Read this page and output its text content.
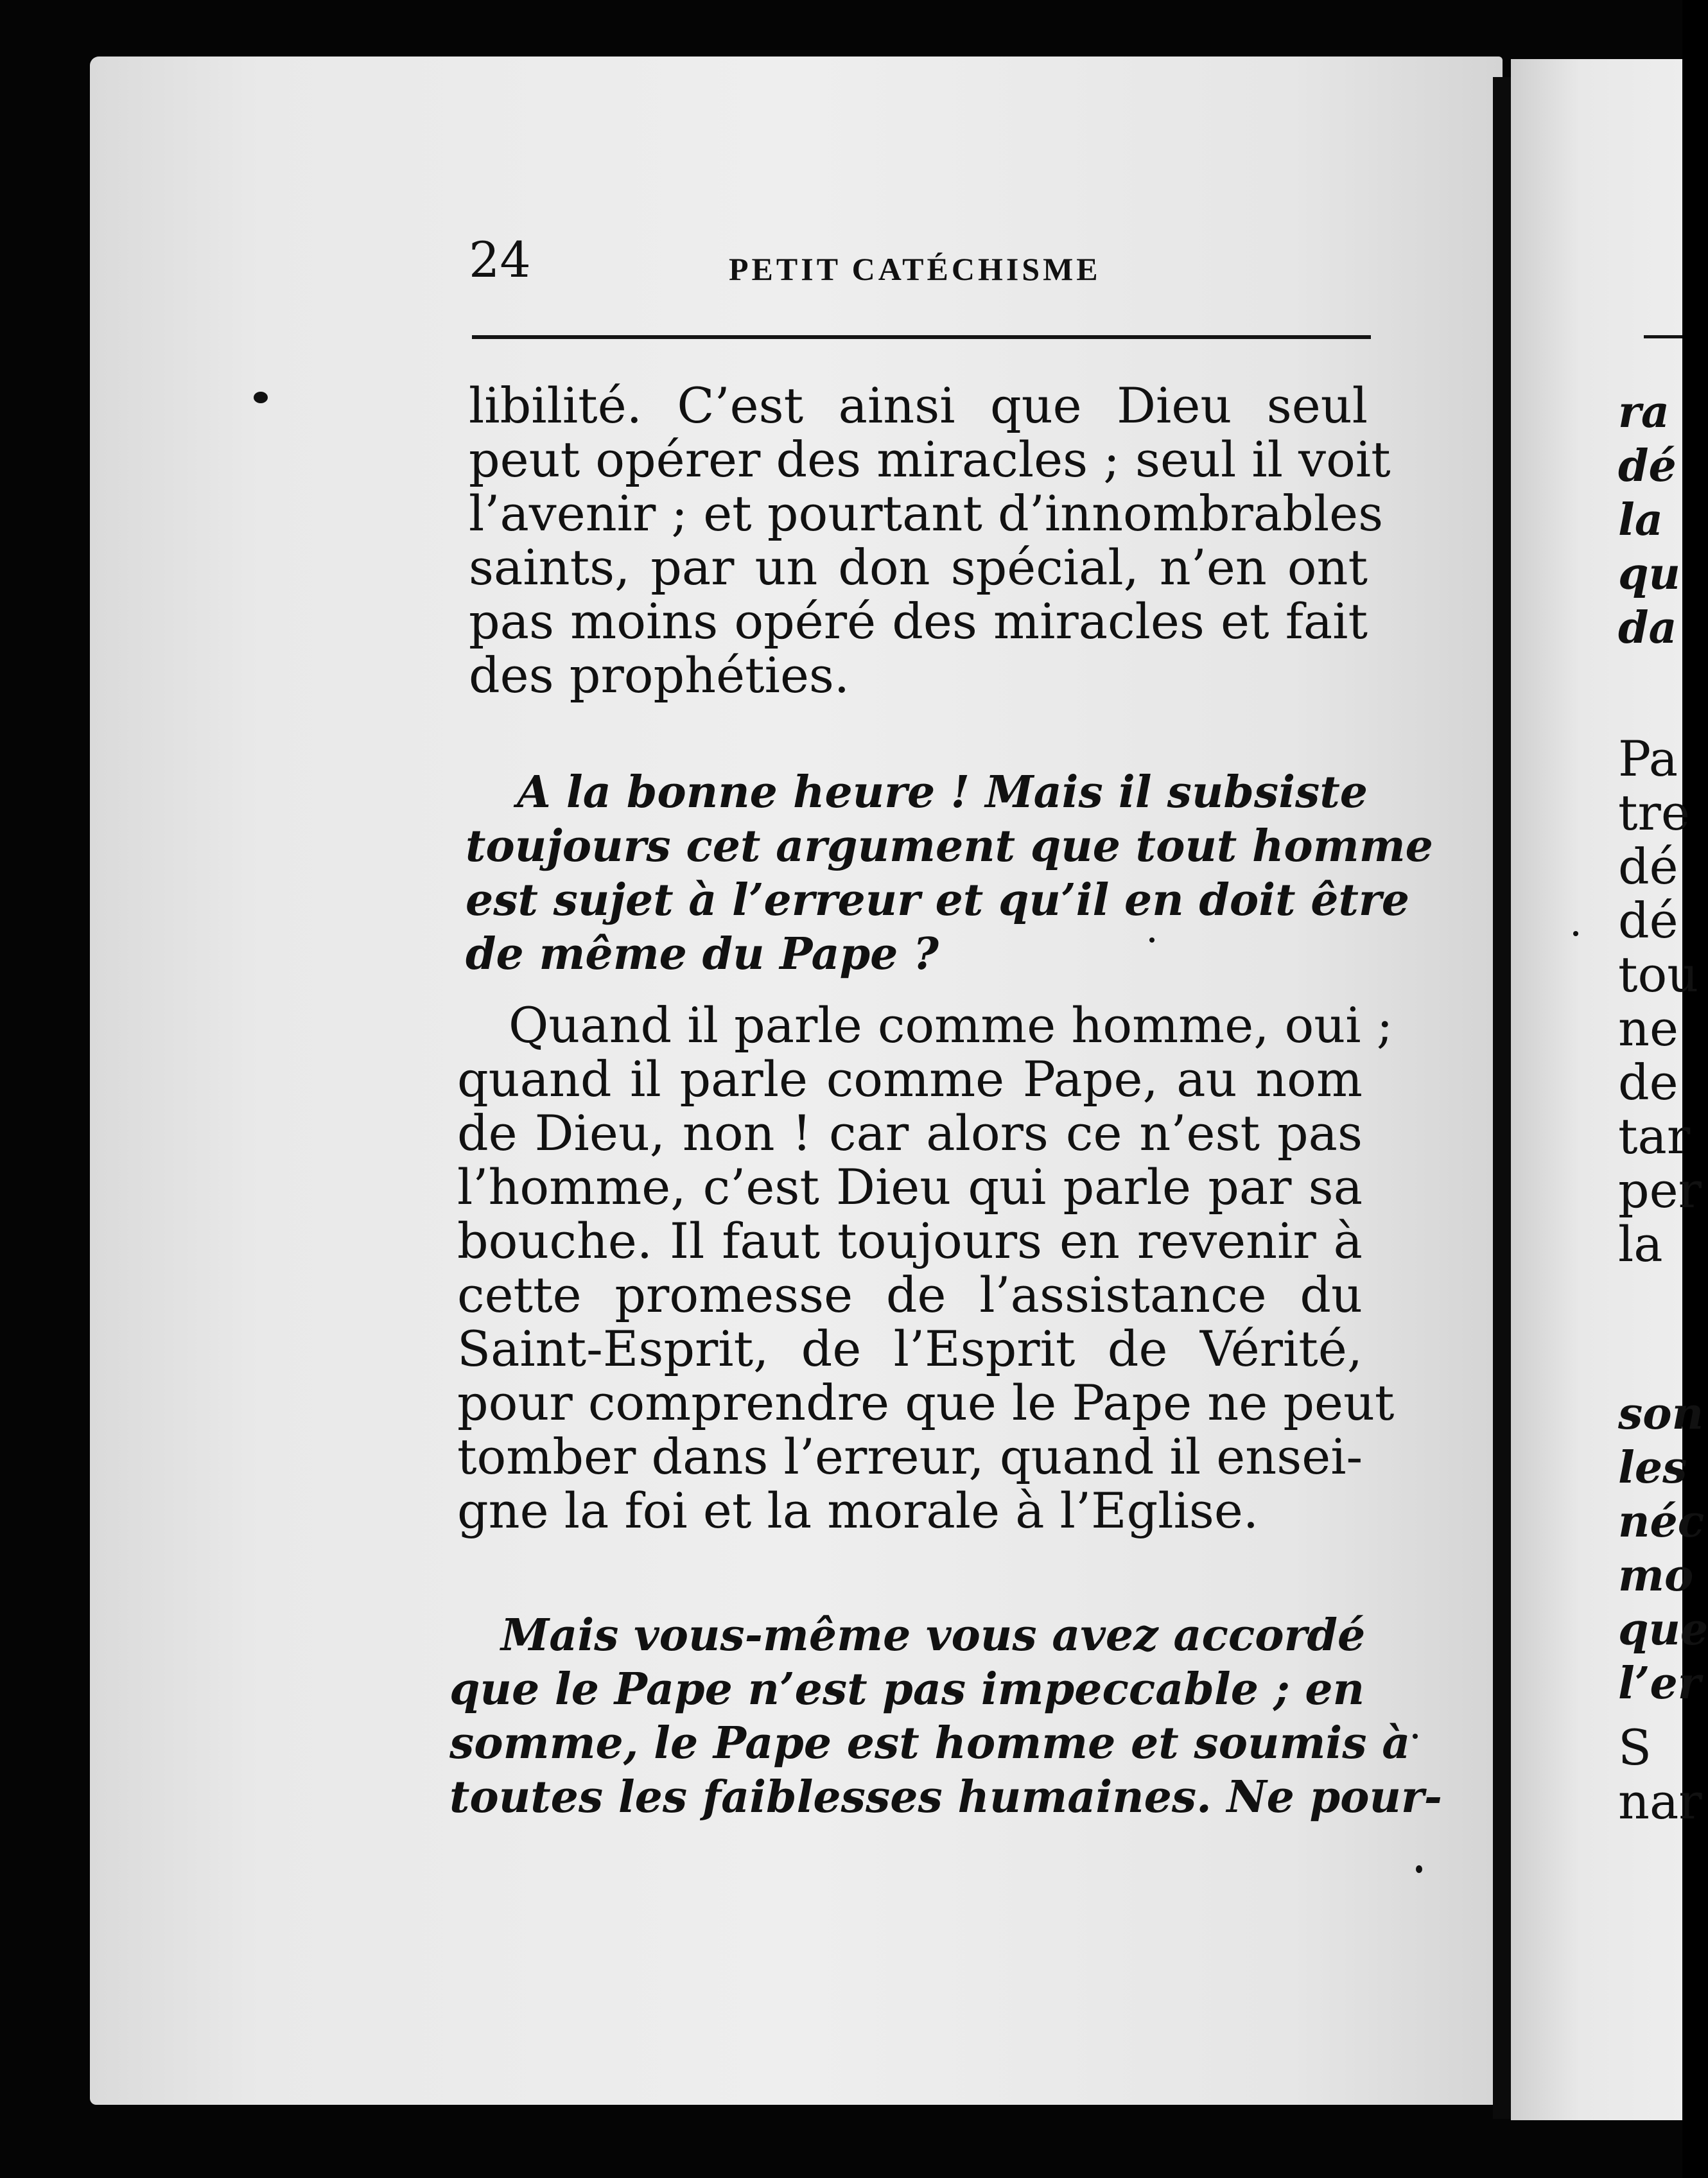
24	PETIT CATÉCHISME
libilité. C’est ainsi que Dieu seul
peut opérer des miracles ; seul il voit
l’avenir ; et pourtant d’innombrables
saints, par un don spécial, n’en ont
pas moins opéré des miracles et fait
des prophéties.
A la bonne heure ! Mais il subsiste
toujours cet argument que tout homme
est sujet à l’erreur et qu’il en doit être
de même du Pape ?
Quand il parle comme homme, oui ;
quand il parle comme Pape, au nom
de Dieu, non ! car alors ce n’est pas
l’homme, c’est Dieu qui parle par sa
bouche. Il faut toujours en revenir à
cette promesse de l’assistance du
Saint-Esprit, de l’Esprit de Vérité,
pour comprendre que le Pape ne peut
tomber dans l’erreur, quand il ensei-
gne la foi et la morale à l’Eglise.
Mais vous-même vous avez accordé
que le Pape n’est pas impeccable ; en
somme, le Pape est homme et soumis à
toutes les faiblesses humaines. Ne pour-
ra
dé
la
qu
da
Pa
tre
dé
dé
tou
ne
de
tar
per
la
son
les
néc
mo
que
l’er
S
nar
